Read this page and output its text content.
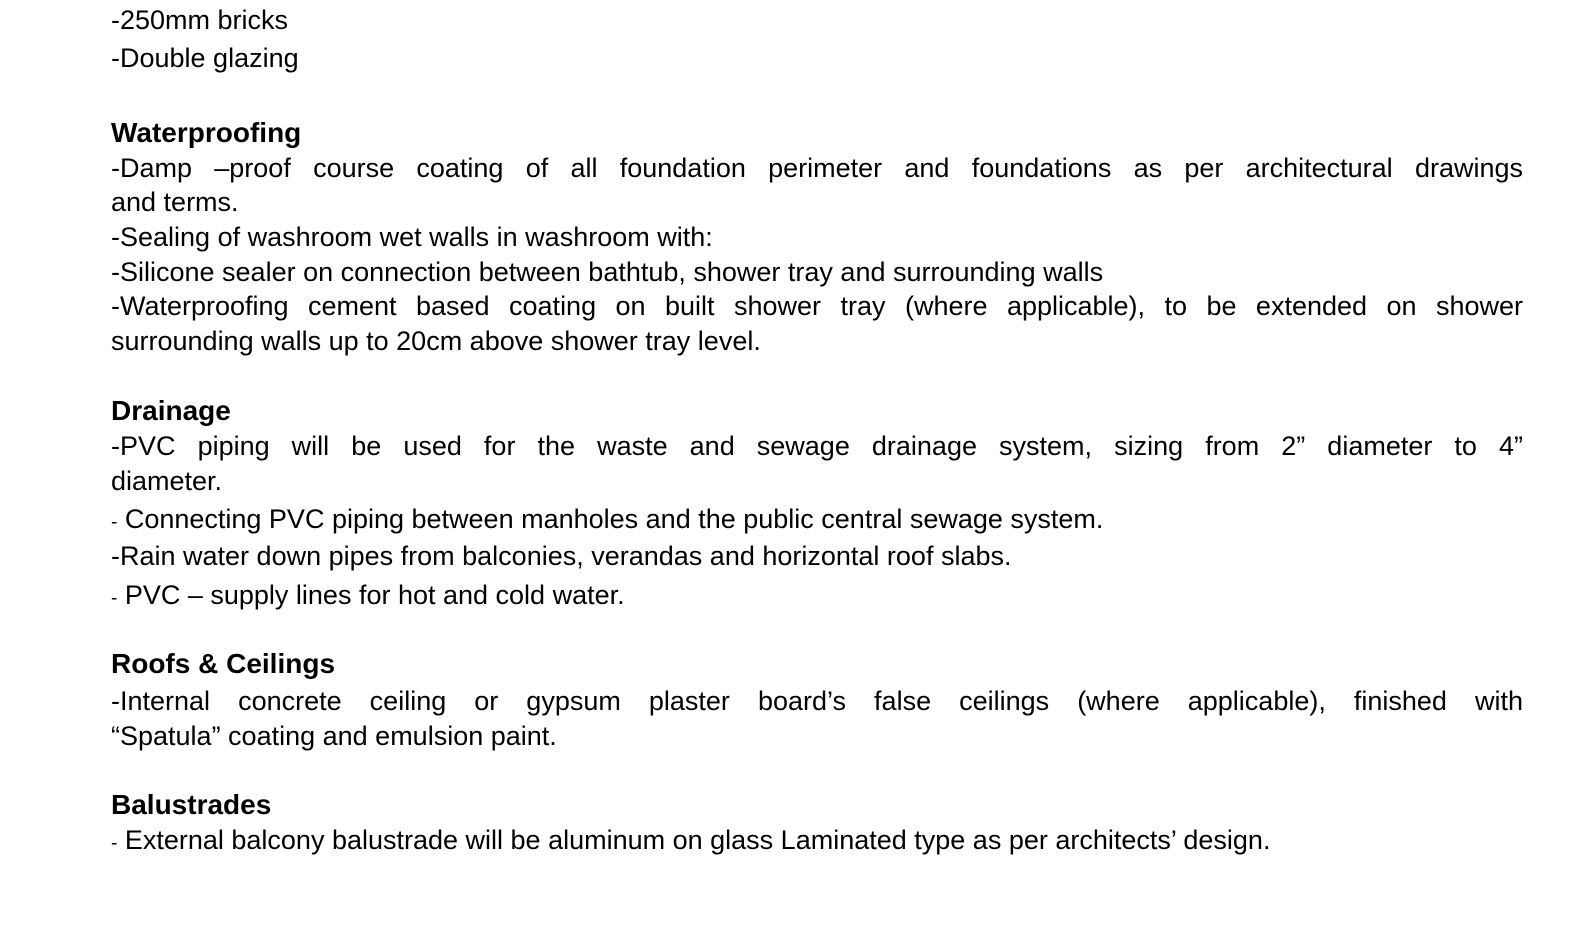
-250mm bricks
-Double glazing
Waterproofing
-Damp –proof course coating of all foundation perimeter and foundations as per architectural drawings
and terms.
-Sealing of washroom wet walls in washroom with:
-Silicone sealer on connection between bathtub, shower tray and surrounding walls
-Waterproofing cement based coating on built shower tray (where applicable), to be extended on shower
surrounding walls up to 20cm above shower tray level.
Drainage
-PVC piping will be used for the waste and sewage drainage system, sizing from 2” diameter to 4”
diameter.
- Connecting PVC piping between manholes and the public central sewage system.
-Rain water down pipes from balconies, verandas and horizontal roof slabs.
- PVC – supply lines for hot and cold water.
Roofs & Ceilings
-Internal concrete ceiling or gypsum plaster board’s false ceilings (where applicable), finished with
“Spatula” coating and emulsion paint.
Balustrades
- External balcony balustrade will be aluminum on glass Laminated type as per architects’ design.
